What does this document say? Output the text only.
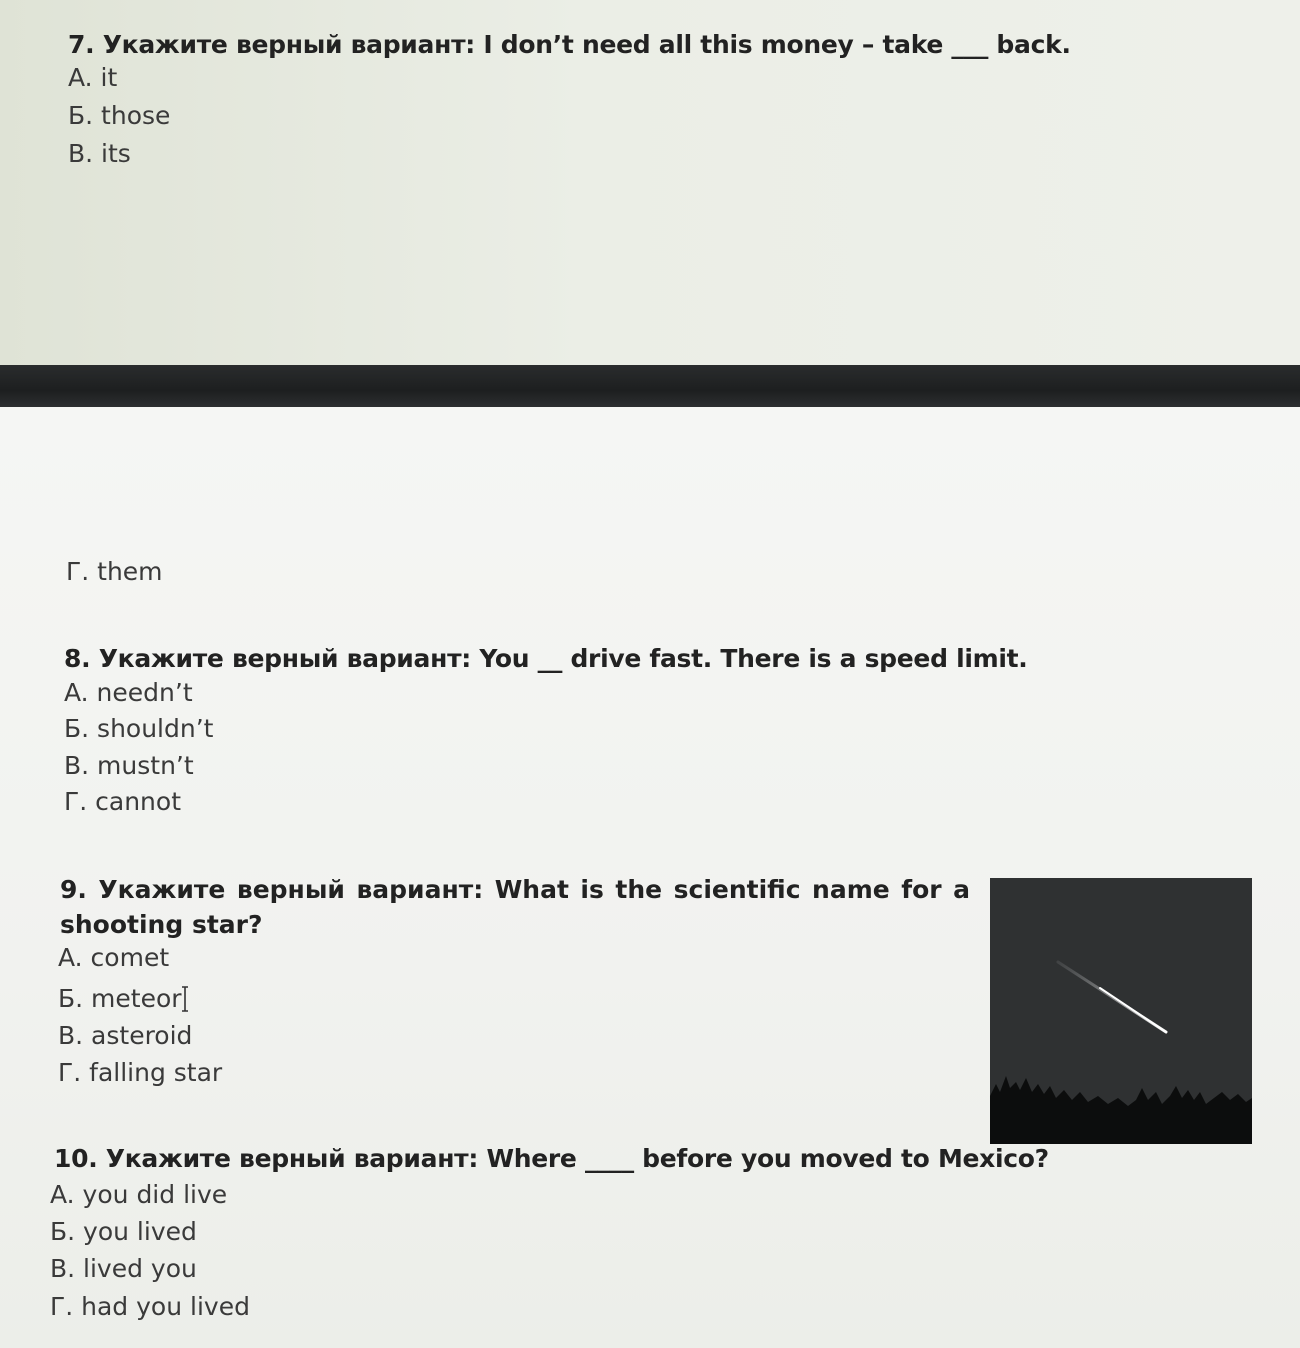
7. Укажите верный вариант: I don’t need all this money – take ___ back.
A. it
Б. those
B. its
Г. them
8. Укажите верный вариант: You __ drive fast. There is a speed limit.
A. needn’t
Б. shouldn’t
B. mustn’t
Г. cannot
9. Укажите верный вариант: What is the scientific name for a shooting star?
A. comet
Б. meteor
B. asteroid
Г. falling star
10. Укажите верный вариант: Where ____ before you moved to Mexico?
A. you did live
Б. you lived
B. lived you
Г. had you lived
